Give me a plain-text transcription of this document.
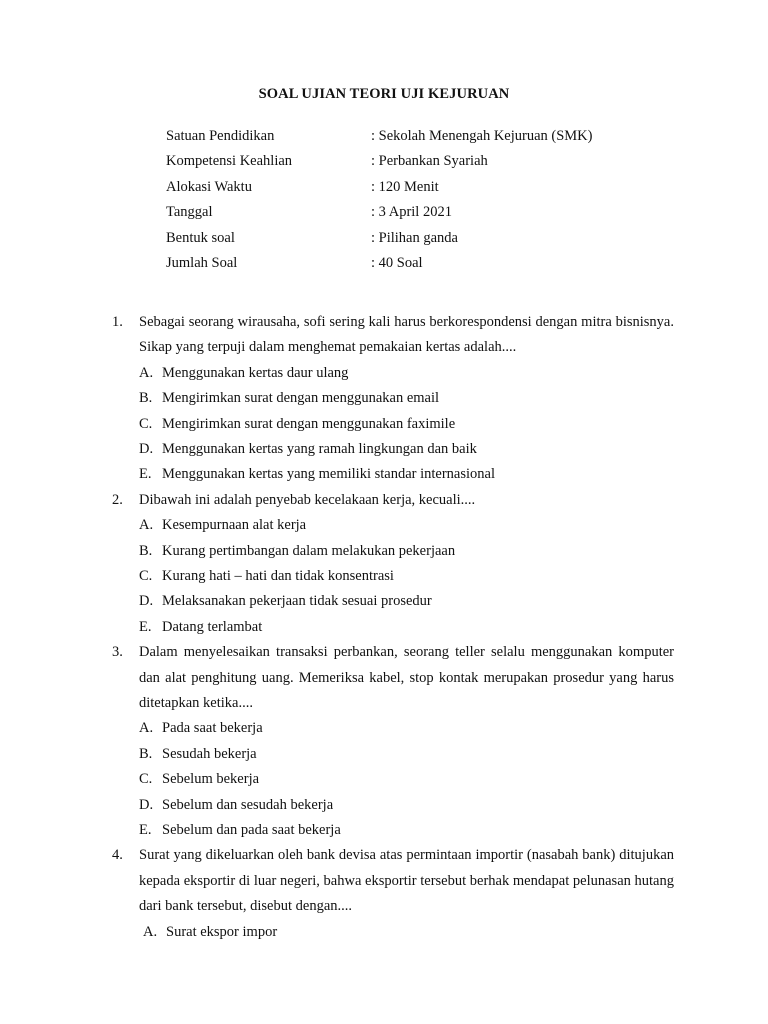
SOAL UJIAN TEORI UJI KEJURUAN
Satuan Pendidikan	: Sekolah Menengah Kejuruan (SMK)
Kompetensi Keahlian	: Perbankan Syariah
Alokasi Waktu	: 120 Menit
Tanggal	: 3 April 2021
Bentuk soal	: Pilihan ganda
Jumlah Soal	: 40 Soal
1. Sebagai seorang wirausaha, sofi sering kali harus berkorespondensi dengan mitra bisnisnya. Sikap yang terpuji dalam menghemat pemakaian kertas adalah....
A. Menggunakan kertas daur ulang
B. Mengirimkan surat dengan menggunakan email
C. Mengirimkan surat dengan menggunakan faximile
D. Menggunakan kertas yang ramah lingkungan dan baik
E. Menggunakan kertas yang memiliki standar internasional
2. Dibawah ini adalah penyebab kecelakaan kerja, kecuali....
A. Kesempurnaan alat kerja
B. Kurang pertimbangan dalam melakukan pekerjaan
C. Kurang hati – hati dan tidak konsentrasi
D. Melaksanakan pekerjaan tidak sesuai prosedur
E. Datang terlambat
3. Dalam menyelesaikan transaksi perbankan, seorang teller selalu menggunakan komputer dan alat penghitung uang. Memeriksa kabel, stop kontak merupakan prosedur yang harus ditetapkan ketika....
A. Pada saat bekerja
B. Sesudah bekerja
C. Sebelum bekerja
D. Sebelum dan sesudah bekerja
E. Sebelum dan pada saat bekerja
4. Surat yang dikeluarkan oleh bank devisa atas permintaan importir (nasabah bank) ditujukan kepada eksportir di luar negeri, bahwa eksportir tersebut berhak mendapat pelunasan hutang dari bank tersebut, disebut dengan....
A. Surat ekspor impor
